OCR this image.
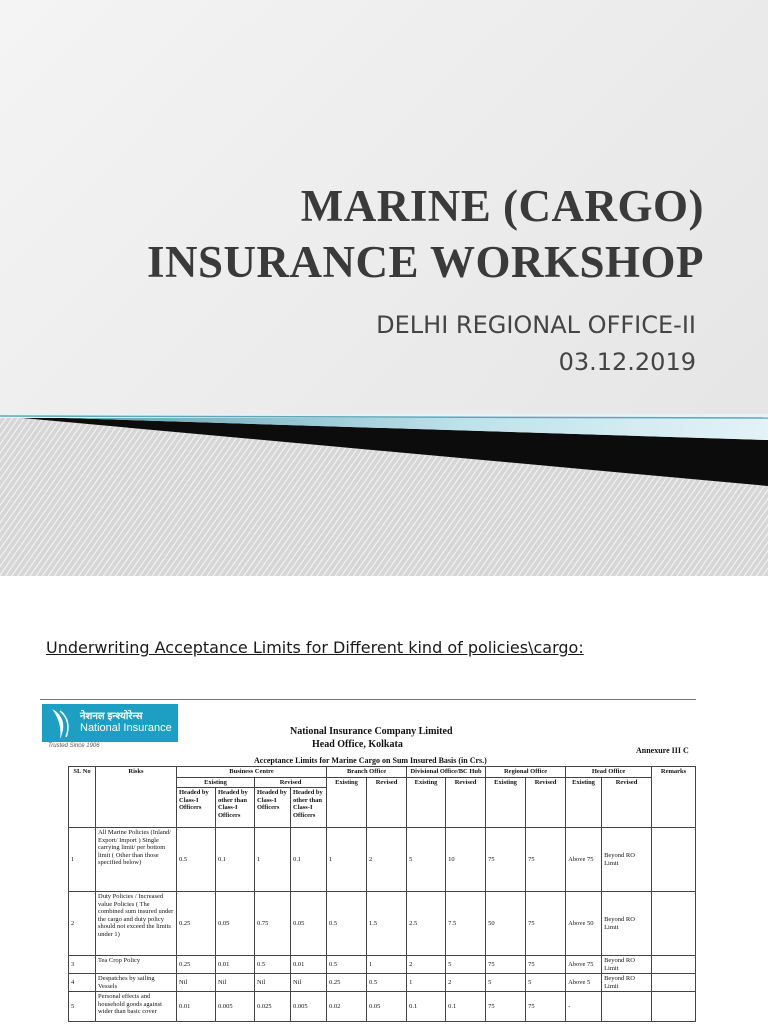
MARINE (CARGO)
INSURANCE WORKSHOP
DELHI REGIONAL OFFICE-II
03.12.2019
Underwriting Acceptance Limits for Different kind of policies\cargo:
नेशनल इन्श्योरेन्स
National Insurance
Trusted Since 1906
National Insurance Company Limited
Head Office, Kolkata
Annexure III C
Acceptance Limits for Marine Cargo on Sum Insured Basis (in Crs.)
SL No	Risks	Business Centre				Branch Office		Divisional Office/BC Hub		Regional Office		Head Office		Remarks
		Existing		Revised		Existing	Revised	Existing	Revised	Existing	Revised	Existing	Revised	
		Headed by Class-I Officers	Headed by other than Class-I Officers	Headed by Class-I Officers	Headed by other than Class-I Officers									
1	All Marine Policies (Inland/ Export/ Import ) Single carrying limit/ per bottom limit ( Other than those specified below)	0.5	0.1	1	0.1	1	2	5	10	75	75	Above 75	Beyond RO Limit	
2	Duty Policies / Increased value Policies ( The combined sum insured under the cargo and duty policy should not exceed the limits under 1)	0.25	0.05	0.75	0.05	0.5	1.5	2.5	7.5	50	75	Above 50	Beyond RO Limit	
3	Tea Crop Policy	0.25	0.01	0.5	0.01	0.5	1	2	5	75	75	Above 75	Beyond RO Limit	
4	Despatches by sailing Vessels	Nil	Nil	Nil	Nil	0.25	0.5	1	2	5	5	Above 5	Beyond RO Limit	
5	Personal effects and household goods against wider than basic cover	0.01	0.005	0.025	0.005	0.02	0.05	0.1	0.1	75	75	-		
